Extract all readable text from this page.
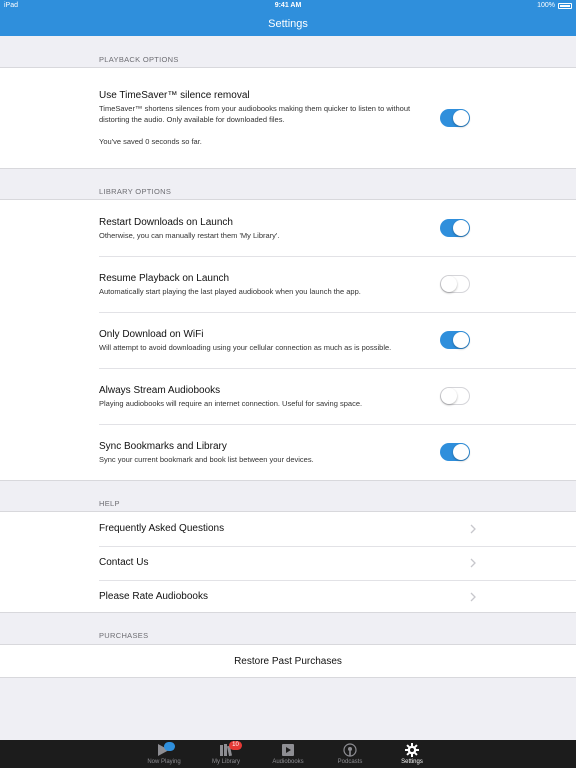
iPad	9:41 AM	100%
Settings
PLAYBACK OPTIONS
Use TimeSaver™ silence removal
TimeSaver™ shortens silences from your audiobooks making them quicker to listen to without distorting the audio. Only available for downloaded files.
You've saved 0 seconds so far.
LIBRARY OPTIONS
Restart Downloads on Launch
Otherwise, you can manually restart them 'My Library'.
Resume Playback on Launch
Automatically start playing the last played audiobook when you launch the app.
Only Download on WiFi
Will attempt to avoid downloading using your cellular connection as much as is possible.
Always Stream Audiobooks
Playing audiobooks will require an internet connection. Useful for saving space.
Sync Bookmarks and Library
Sync your current bookmark and book list between your devices.
HELP
Frequently Asked Questions
Contact Us
Please Rate Audiobooks
PURCHASES
Restore Past Purchases
Now Playing
10
My Library	Audiobooks	Podcasts	Settings
